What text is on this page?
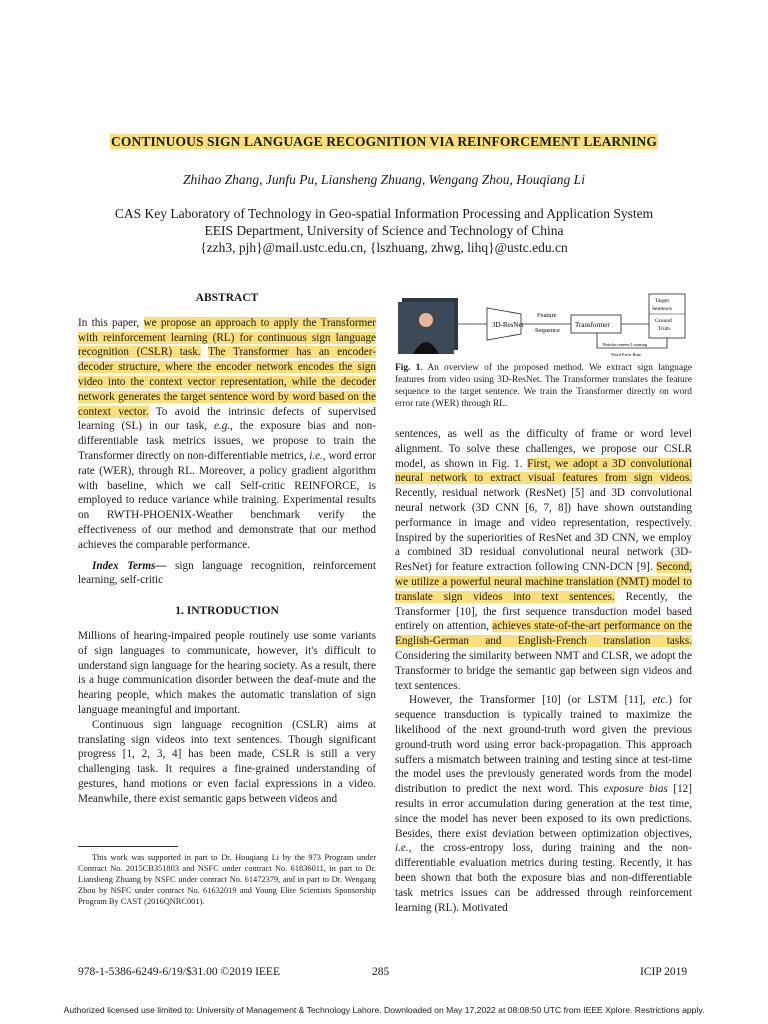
CONTINUOUS SIGN LANGUAGE RECOGNITION VIA REINFORCEMENT LEARNING
Zhihao Zhang, Junfu Pu, Liansheng Zhuang, Wengang Zhou, Houqiang Li
CAS Key Laboratory of Technology in Geo-spatial Information Processing and Application System
EEIS Department, University of Science and Technology of China
{zzh3, pjh}@mail.ustc.edu.cn, {lszhuang, zhwg, lihq}@ustc.edu.cn

ABSTRACT

In this paper, we propose an approach to apply the Transformer with reinforcement learning (RL) for continuous sign language recognition (CSLR) task. The Transformer has an encoder-decoder structure, where the encoder network encodes the sign video into the context vector representation, while the decoder network generates the target sentence word by word based on the context vector. To avoid the intrinsic defects of supervised learning (SL) in our task, e.g., the exposure bias and non-differentiable task metrics issues, we propose to train the Transformer directly on non-differentiable metrics, i.e., word error rate (WER), through RL. Moreover, a policy gradient algorithm with baseline, which we call Self-critic REINFORCE, is employed to reduce variance while training. Experimental results on RWTH-PHOENIX-Weather benchmark verify the effectiveness of our method and demonstrate that our method achieves the comparable performance.

Index Terms— sign language recognition, reinforcement learning, self-critic

1. INTRODUCTION

Millions of hearing-impaired people routinely use some variants of sign languages to communicate, however, it's difficult to understand sign language for the hearing society. As a result, there is a huge communication disorder between the deaf-mute and the hearing people, which makes the automatic translation of sign language meaningful and important.

Continuous sign language recognition (CSLR) aims at translating sign videos into text sentences. Though significant progress [1, 2, 3, 4] has been made, CSLR is still a very challenging task. It requires a fine-grained understanding of gestures, hand motions or even facial expressions in a video. Meanwhile, there exist semantic gaps between videos and

3D-ResNet
Feature
Sequence
Transformer
Target
Sentence
Ground
Truth
Reinforcement Learning
Word Error Rate
Fig. 1. An overview of the proposed method. We extract sign language features from video using 3D-ResNet. The Transformer translates the feature sequence to the target sentence. We train the Transformer directly on word error rate (WER) through RL.

sentences, as well as the difficulty of frame or word level alignment. To solve these challenges, we propose our CSLR model, as shown in Fig. 1. First, we adopt a 3D convolutional neural network to extract visual features from sign videos. Recently, residual network (ResNet) [5] and 3D convolutional neural network (3D CNN [6, 7, 8]) have shown outstanding performance in image and video representation, respectively. Inspired by the superiorities of ResNet and 3D CNN, we employ a combined 3D residual convolutional neural network (3D-ResNet) for feature extraction following CNN-DCN [9]. Second, we utilize a powerful neural machine translation (NMT) model to translate sign videos into text sentences. Recently, the Transformer [10], the first sequence transduction model based entirely on attention, achieves state-of-the-art performance on the English-German and English-French translation tasks. Considering the similarity between NMT and CLSR, we adopt the Transformer to bridge the semantic gap between sign videos and text sentences.

However, the Transformer [10] (or LSTM [11], etc.) for sequence transduction is typically trained to maximize the likelihood of the next ground-truth word given the previous ground-truth word using error back-propagation. This approach suffers a mismatch between training and testing since at test-time the model uses the previously generated words from the model distribution to predict the next word. This exposure bias [12] results in error accumulation during generation at the test time, since the model has never been exposed to its own predictions. Besides, there exist deviation between optimization objectives, i.e., the cross-entropy loss, during training and the non-differentiable evaluation metrics during testing. Recently, it has been shown that both the exposure bias and non-differentiable task metrics issues can be addressed through reinforcement learning (RL). Motivated

This work was supported in part to Dr. Houqiang Li by the 973 Program under Contract No. 2015CB351803 and NSFC under contract No. 61836011, in part to Dr. Liansheng Zhuang by NSFC under contract No. 61472379, and in part to Dr. Wengang Zhou by NSFC under contract No. 61632019 and Young Elite Scientists Sponsorship Program By CAST (2016QNRC001).
978-1-5386-6249-6/19/$31.00 ©2019 IEEE	285	ICIP 2019
Authorized licensed use limited to: University of Management & Technology Lahore. Downloaded on May 17,2022 at 08:08:50 UTC from IEEE Xplore. Restrictions apply.
